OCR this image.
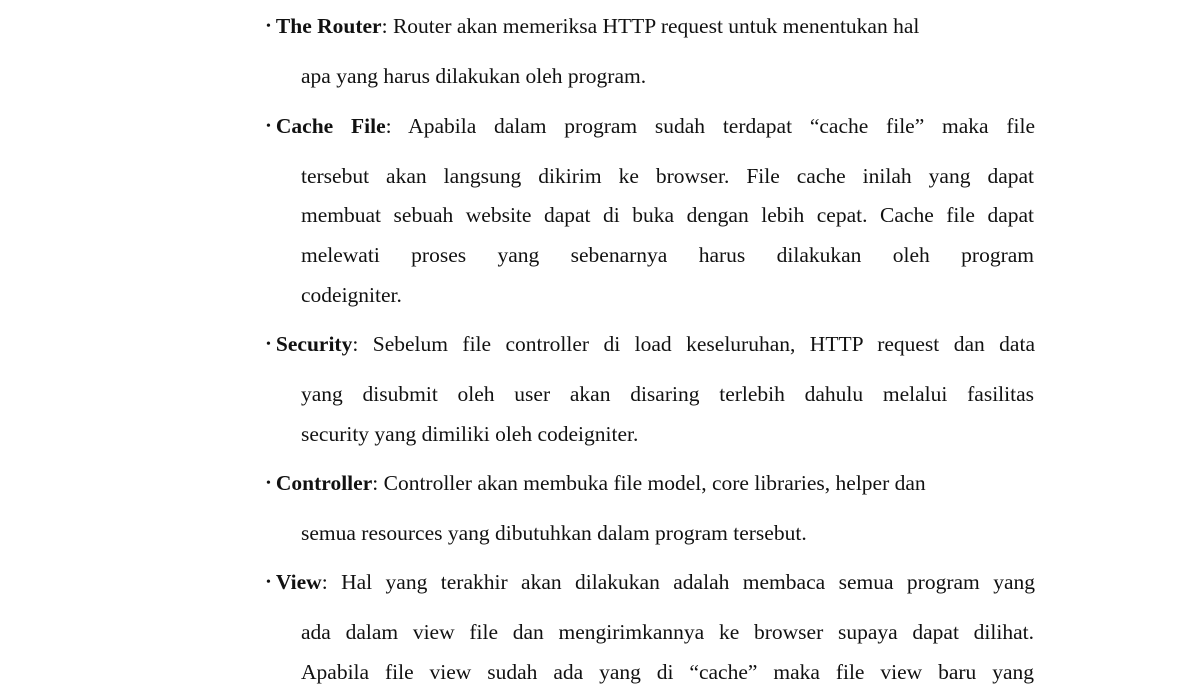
• The Router: Router akan memeriksa HTTP request untuk menentukan hal
apa yang harus dilakukan oleh program.
• Cache File: Apabila dalam program sudah terdapat “cache file” maka file
tersebut akan langsung dikirim ke browser. File cache inilah yang dapat
membuat sebuah website dapat di buka dengan lebih cepat. Cache file dapat
melewati proses yang sebenarnya harus dilakukan oleh program
codeigniter.
• Security: Sebelum file controller di load keseluruhan, HTTP request dan data
yang disubmit oleh user akan disaring terlebih dahulu melalui fasilitas
security yang dimiliki oleh codeigniter.
• Controller: Controller akan membuka file model, core libraries, helper dan
semua resources yang dibutuhkan dalam program tersebut.
• View: Hal yang terakhir akan dilakukan adalah membaca semua program yang
ada dalam view file dan mengirimkannya ke browser supaya dapat dilihat.
Apabila file view sudah ada yang di “cache” maka file view baru yang
